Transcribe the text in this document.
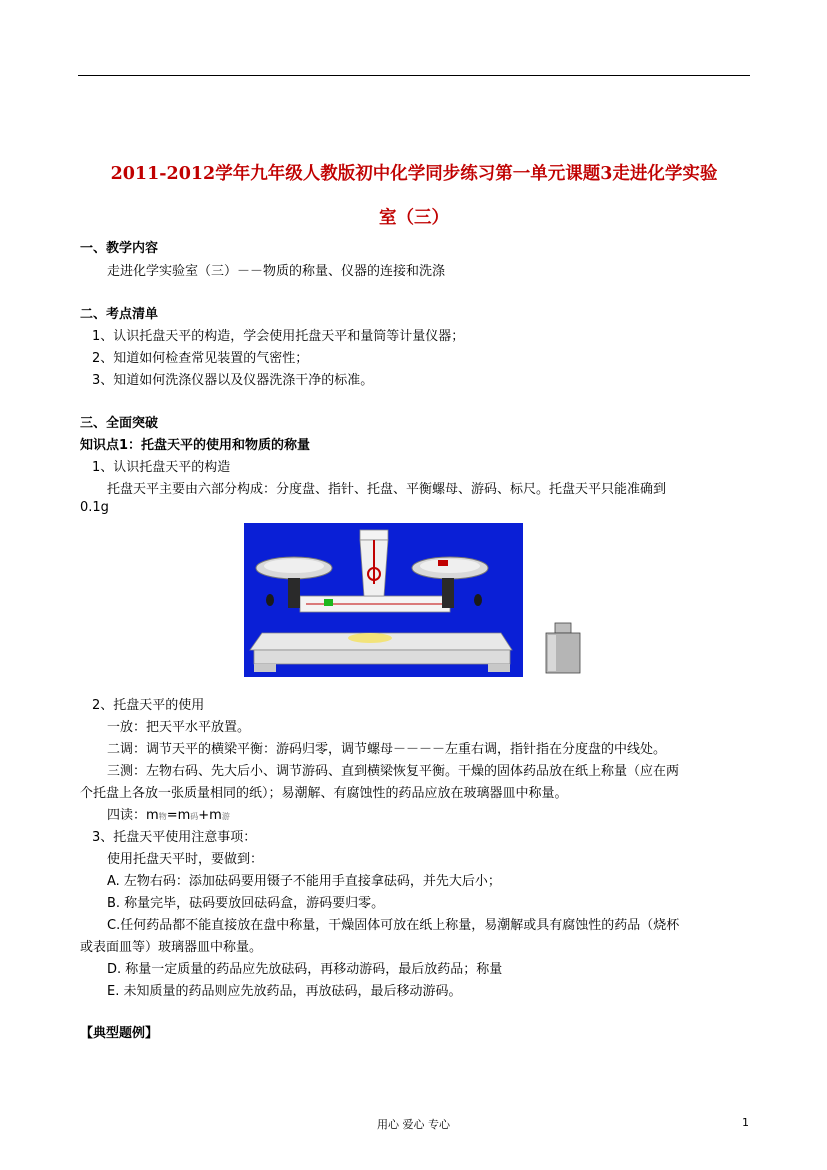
2011-2012学年九年级人教版初中化学同步练习第一单元课题3走进化学实验
室（三）
一、教学内容
走进化学实验室（三）－－物质的称量、仪器的连接和洗涤
二、考点清单
1、认识托盘天平的构造，学会使用托盘天平和量筒等计量仪器；
2、知道如何检查常见装置的气密性；
3、知道如何洗涤仪器以及仪器洗涤干净的标准。
三、全面突破
知识点1：托盘天平的使用和物质的称量
1、认识托盘天平的构造
托盘天平主要由六部分构成：分度盘、指针、托盘、平衡螺母、游码、标尺。托盘天平只能准确到
0.1g
2、托盘天平的使用
一放：把天平水平放置。
二调：调节天平的横梁平衡：游码归零，调节螺母－－－－左重右调，指针指在分度盘的中线处。
三测：左物右码、先大后小、调节游码、直到横梁恢复平衡。干燥的固体药品放在纸上称量（应在两
个托盘上各放一张质量相同的纸）；易潮解、有腐蚀性的药品应放在玻璃器皿中称量。
四读：m物=m码+m游
3、托盘天平使用注意事项：
使用托盘天平时，要做到：
A. 左物右码：添加砝码要用镊子不能用手直接拿砝码，并先大后小；
B. 称量完毕，砝码要放回砝码盒，游码要归零。
C.任何药品都不能直接放在盘中称量，干燥固体可放在纸上称量，易潮解或具有腐蚀性的药品（烧杯
或表面皿等）玻璃器皿中称量。
D. 称量一定质量的药品应先放砝码，再移动游码，最后放药品；称量
E. 未知质量的药品则应先放药品，再放砝码，最后移动游码。
【典型题例】
用心 爱心 专心	1
